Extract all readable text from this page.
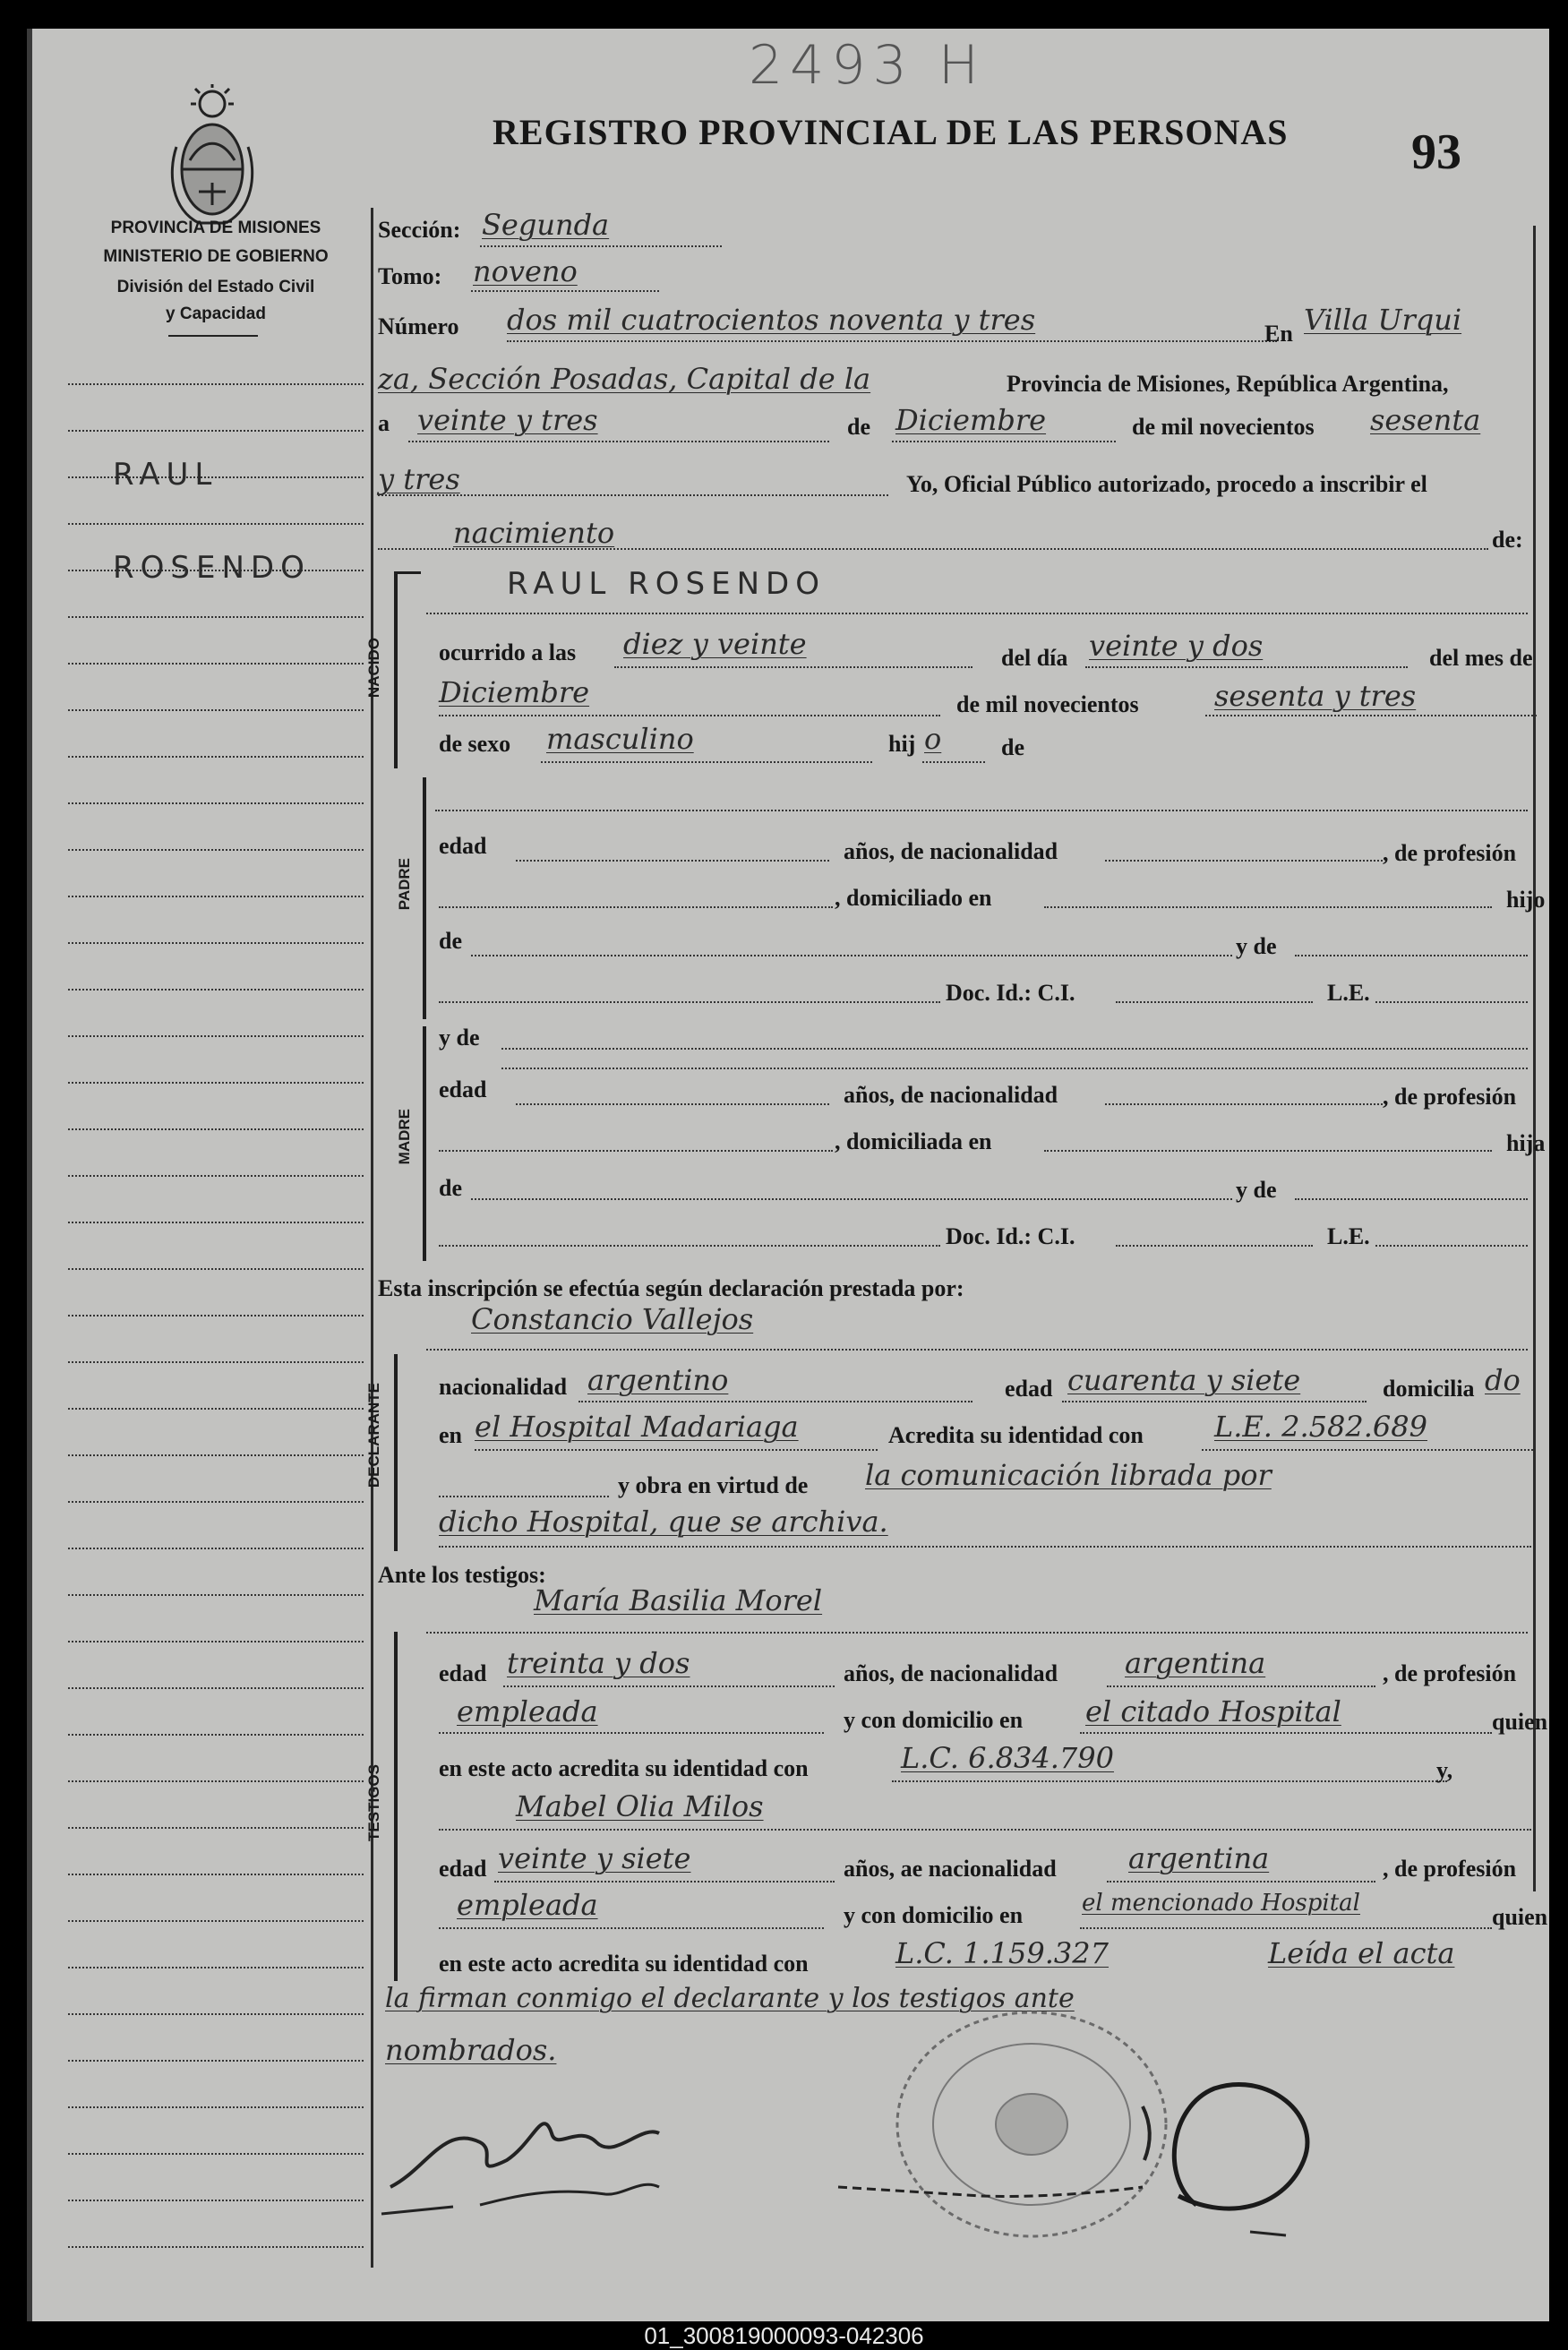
2493 H
REGISTRO PROVINCIAL DE LAS PERSONAS 93
PROVINCIA DE MISIONES
MINISTERIO DE GOBIERNO
División del Estado Civil
y Capacidad
RAUL
ROSENDO
Sección: Segunda
Tomo: noveno
Número dos mil cuatrocientos noventa y tres	En Villa Urqui
za, Sección Posadas, Capital de la	Provincia de Misiones, República Argentina,
a veinte y tres	de Diciembre	de mil novecientos sesenta
y tres	Yo, Oficial Público autorizado, procedo a inscribir el
nacimiento	de:
NACIDO
RAUL ROSENDO
ocurrido a las diez y veinte	del día veinte y dos	del mes de
Diciembre	de mil novecientos	sesenta y tres
de sexo masculino	hij o	de
PADRE
edad	años, de nacionalidad	, de profesión
, domiciliado en	hijo
de	y de
Doc. Id.: C.I.	L.E.
MADRE
y de
edad	años, de nacionalidad	, de profesión
, domiciliada en	hija
de	y de
Doc. Id.: C.I.	L.E.
Esta inscripción se efectúa según declaración prestada por:
Constancio Vallejos
DECLARANTE nacionalidad argentino	edad cuarenta y siete	domicilia do
en el Hospital Madariaga	Acredita su identidad con L.E. 2.582.689
y obra en virtud de la comunicación librada por
dicho Hospital, que se archiva.
Ante los testigos:
María Basilia Morel
TESTIGOS
edad treinta y dos	años, de nacionalidad argentina	, de profesión
empleada	y con domicilio en el citado Hospital	quien
en este acto acredita su identidad con	L.C. 6.834.790	y,
Mabel Olia Milos
edad veinte y siete	años, ae nacionalidad	argentina	, de profesión
empleada	y con domicilio en	el mencionado Hospital
quien
en este acto acredita su identidad con	L.C. 1.159.327	Leída el acta
la firman conmigo el declarante y los testigos ante
nombrados.
01_300819000093-042306
